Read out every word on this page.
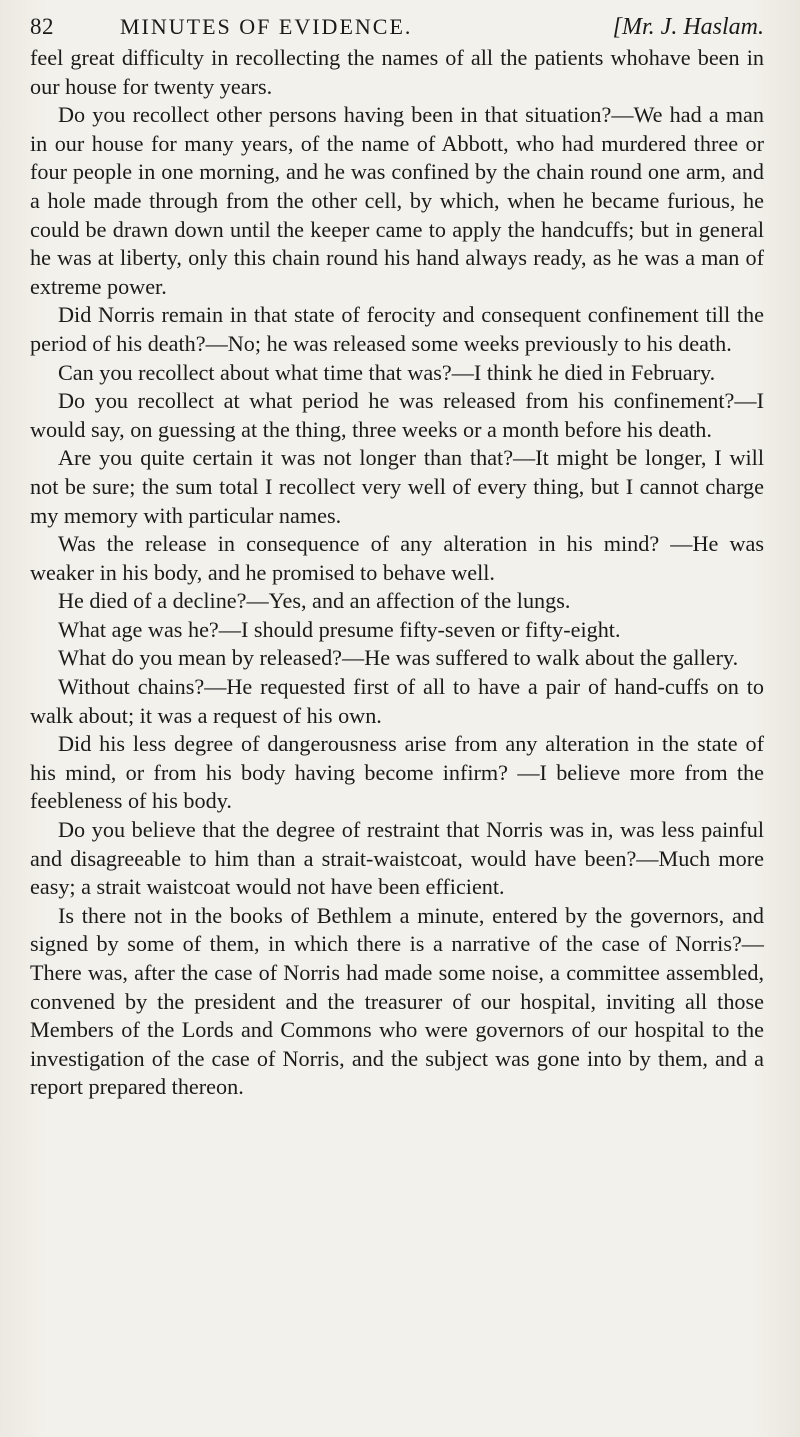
82	MINUTES OF EVIDENCE.	[Mr. J. Haslam.

feel great difficulty in recollecting the names of all the patients whohave been in our house for twenty years.

Do you recollect other persons having been in that situation?—We had a man in our house for many years, of the name of Abbott, who had murdered three or four people in one morning, and he was confined by the chain round one arm, and a hole made through from the other cell, by which, when he became furious, he could be drawn down until the keeper came to apply the handcuffs; but in general he was at liberty, only this chain round his hand always ready, as he was a man of extreme power.

Did Norris remain in that state of ferocity and consequent confinement till the period of his death?—No; he was released some weeks previously to his death.

Can you recollect about what time that was?—I think he died in February.

Do you recollect at what period he was released from his confinement?—I would say, on guessing at the thing, three weeks or a month before his death.

Are you quite certain it was not longer than that?—It might be longer, I will not be sure; the sum total I recollect very well of every thing, but I cannot charge my memory with particular names.

Was the release in consequence of any alteration in his mind? —He was weaker in his body, and he promised to behave well.

He died of a decline?—Yes, and an affection of the lungs.

What age was he?—I should presume fifty-seven or fifty-eight.

What do you mean by released?—He was suffered to walk about the gallery.

Without chains?—He requested first of all to have a pair of hand-cuffs on to walk about; it was a request of his own.

Did his less degree of dangerousness arise from any alteration in the state of his mind, or from his body having become infirm? —I believe more from the feebleness of his body.

Do you believe that the degree of restraint that Norris was in, was less painful and disagreeable to him than a strait-waistcoat, would have been?—Much more easy; a strait waistcoat would not have been efficient.

Is there not in the books of Bethlem a minute, entered by the governors, and signed by some of them, in which there is a narrative of the case of Norris?—There was, after the case of Norris had made some noise, a committee assembled, convened by the president and the treasurer of our hospital, inviting all those Members of the Lords and Commons who were governors of our hospital to the investigation of the case of Norris, and the subject was gone into by them, and a report prepared thereon.
